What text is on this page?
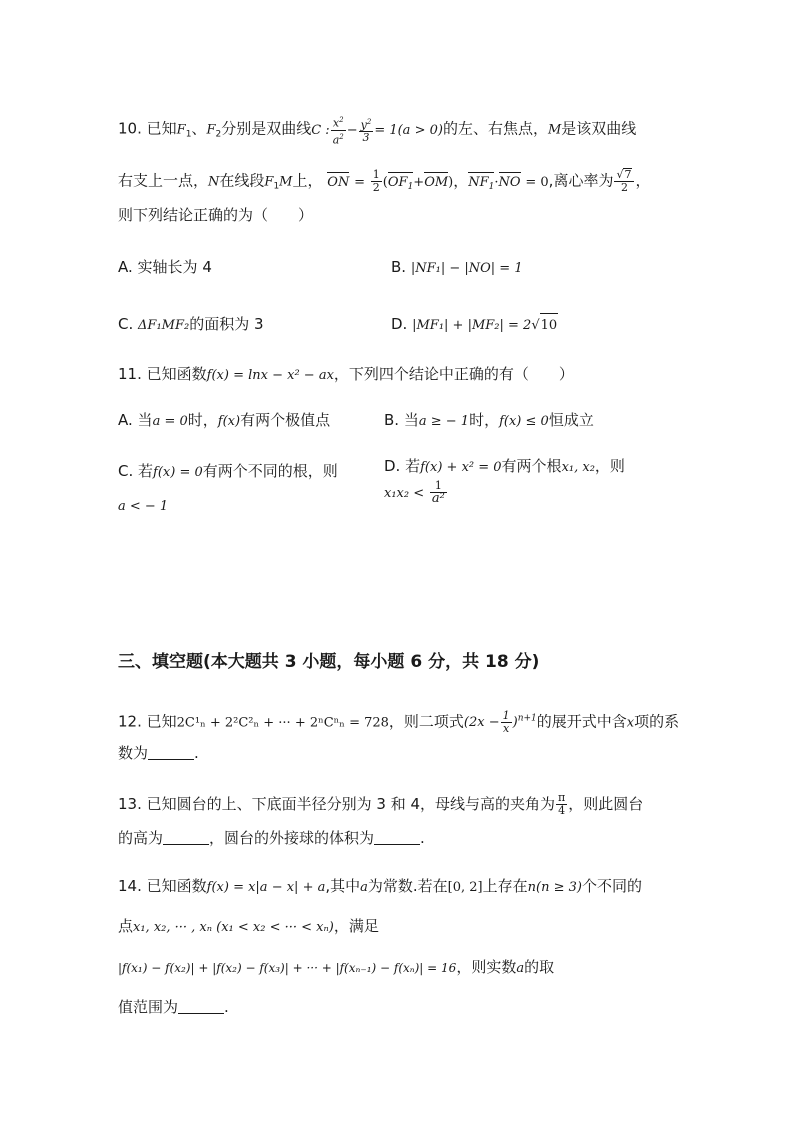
10. 已知$F_1$、$F_2$分别是双曲线C : $\frac{x^2}{a^2} - \frac{y^2}{3} = 1(a > 0)$的左、右焦点，M是该双曲线
右支上一点，N在线段$F_1M$上， ON = $\frac{1}{2} (OF_1+OM)$，$NF_1\cdot NO = 0$,离心率为 $\frac{√7}{2}$ ，
则下列结论正确的为（　　）
A. 实轴长为 4	B. |NF₁| − |NO| = 1
C. ΔF₁MF₂的面积为 3	D. |MF₁| + |MF₂| = 2√10
11. 已知函数f(x) = lnx − x² − ax，下列四个结论中正确的有（　　）
A. 当a = 0时，f(x)有两个极值点	B. 当a ≥ − 1时，f(x) ≤ 0恒成立
C. 若f(x) = 0有两个不同的根，则
a < − 1
D. 若f(x) + x² = 0有两个根x₁, x₂，则
$x_1x_2 < \frac{1}{\text{a²}}$
三、填空题(本大题共 3 小题，每小题 6 分，共 18 分)
12. 已知2C¹ₙ + 2²C²ₙ + ··· + 2ⁿCⁿₙ = 728，则二项式$(2x - \frac{1}{x} )^{n+1}$的展开式中含x项的系
数为	.
13. 已知圆台的上、下底面半径分别为 3 和 4，母线与高的夹角为 $\frac{\pi}{4}$ ，则此圆台
的高为	，圆台的外接球的体积为	.
14. 已知函数f(x) = x|a − x| + a,其中a为常数.若在[0, 2]上存在n(n ≥ 3)个不同的
点x₁, x₂, ··· , xₙ (x₁ < x₂ < ··· < xₙ)，满足
|f(x₁) − f(x₂)| + |f(x₂) − f(x₃)| + ··· + |f(xₙ₋₁) − f(xₙ)| = 16，则实数a的取
值范围为	.
